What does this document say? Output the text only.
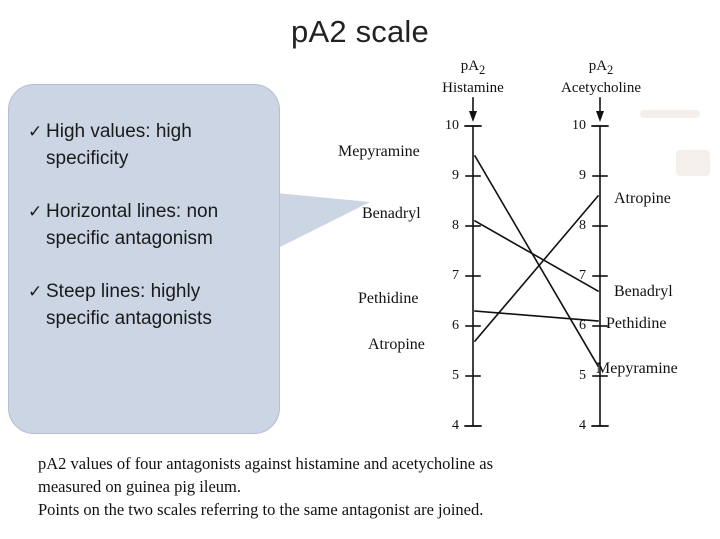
pA2 scale
✓ High values: high specificity
✓ Horizontal lines: non specific antagonism
✓ Steep lines: highly specific antagonists
$pA_2$
Histamine
$pA_2$
Acetycholine
10
9
8
7
6
5
4
10
9
8
7
6
5
4
Mepyramine
Benadryl
Pethidine
Atropine
Atropine
Benadryl
Pethidine
Mepyramine
pA2 values of four antagonists against histamine and acetycholine as
measured on guinea pig ileum.
Points on the two scales referring to the same antagonist are joined.
